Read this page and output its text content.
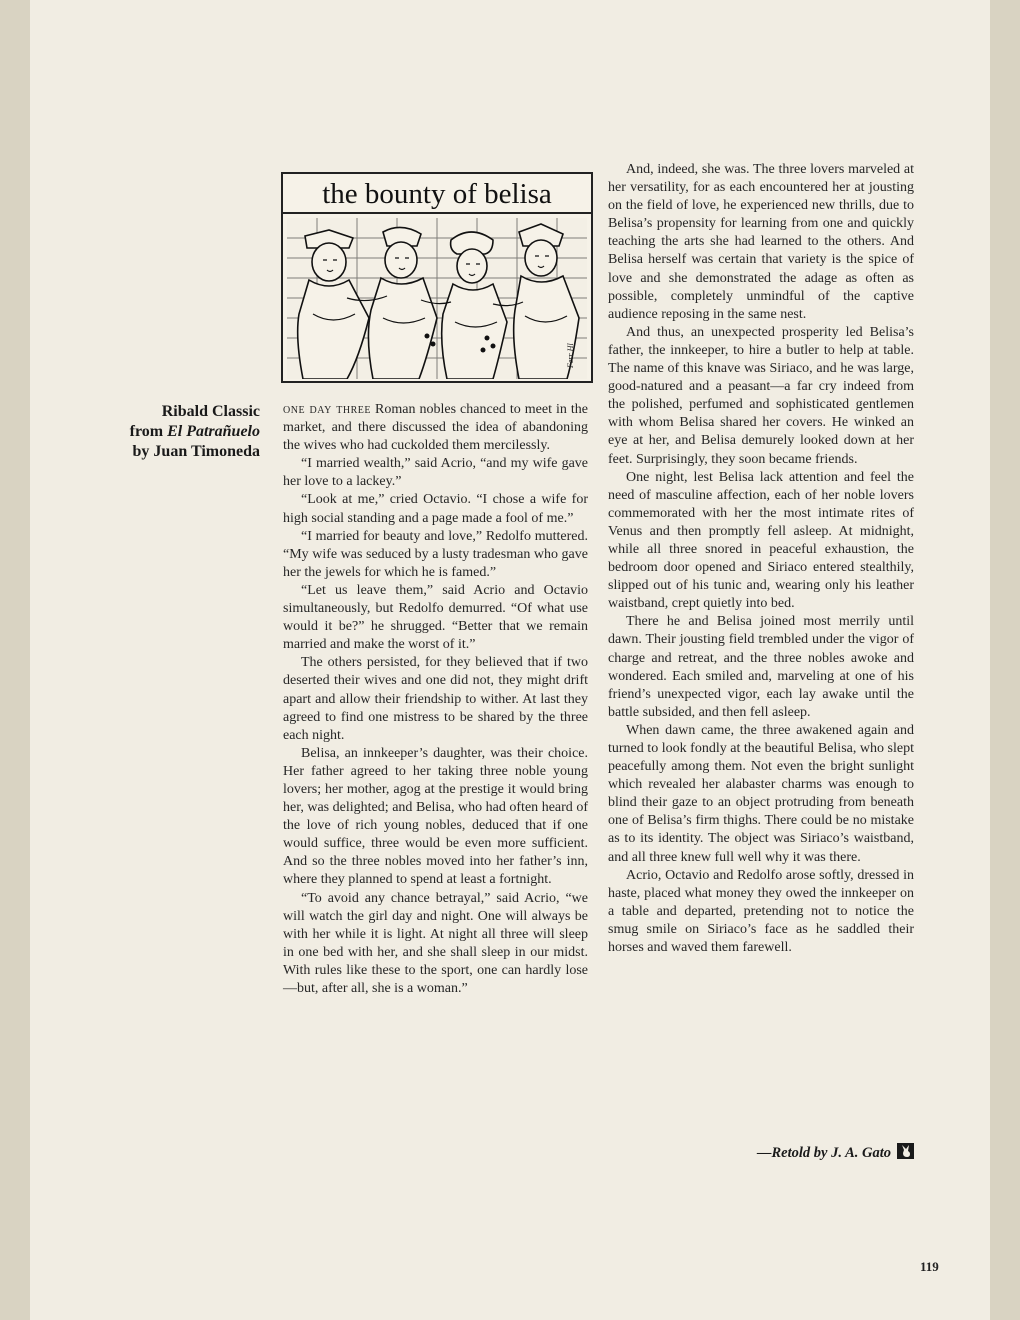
the bounty of belisa
Ferr Hl
Ribald Classic
from El Patrañuelo
by Juan Timoneda

one day three Roman nobles chanced to meet in the market, and there discussed the idea of abandoning the wives who had cuckolded them mercilessly.

“I married wealth,” said Acrio, “and my wife gave her love to a lackey.”

“Look at me,” cried Octavio. “I chose a wife for high social standing and a page made a fool of me.”

“I married for beauty and love,” Redolfo muttered. “My wife was seduced by a lusty tradesman who gave her the jewels for which he is famed.”

“Let us leave them,” said Acrio and Octavio simultaneously, but Redolfo demurred. “Of what use would it be?” he shrugged. “Better that we remain married and make the worst of it.”

The others persisted, for they believed that if two deserted their wives and one did not, they might drift apart and allow their friendship to wither. At last they agreed to find one mistress to be shared by the three each night.

Belisa, an innkeeper’s daughter, was their choice. Her father agreed to her taking three noble young lovers; her mother, agog at the prestige it would bring her, was delighted; and Belisa, who had often heard of the love of rich young nobles, deduced that if one would suffice, three would be even more sufficient. And so the three nobles moved into her father’s inn, where they planned to spend at least a fortnight.

“To avoid any chance betrayal,” said Acrio, “we will watch the girl day and night. One will always be with her while it is light. At night all three will sleep in one bed with her, and she shall sleep in our midst. With rules like these to the sport, one can hardly lose—but, after all, she is a woman.”

And, indeed, she was. The three lovers marveled at her versatility, for as each encountered her at jousting on the field of love, he experienced new thrills, due to Belisa’s propensity for learning from one and quickly teaching the arts she had learned to the others. And Belisa herself was certain that variety is the spice of love and she demonstrated the adage as often as possible, completely unmindful of the captive audience reposing in the same nest.

And thus, an unexpected prosperity led Belisa’s father, the innkeeper, to hire a butler to help at table. The name of this knave was Siriaco, and he was large, good-natured and a peasant—a far cry indeed from the polished, perfumed and sophisticated gentlemen with whom Belisa shared her covers. He winked an eye at her, and Belisa demurely looked down at her feet. Surprisingly, they soon became friends.

One night, lest Belisa lack attention and feel the need of masculine affection, each of her noble lovers commemorated with her the most intimate rites of Venus and then promptly fell asleep. At midnight, while all three snored in peaceful exhaustion, the bedroom door opened and Siriaco entered stealthily, slipped out of his tunic and, wearing only his leather waistband, crept quietly into bed.

There he and Belisa joined most merrily until dawn. Their jousting field trembled under the vigor of charge and retreat, and the three nobles awoke and wondered. Each smiled and, marveling at one of his friend’s unexpected vigor, each lay awake until the battle subsided, and then fell asleep.

When dawn came, the three awakened again and turned to look fondly at the beautiful Belisa, who slept peacefully among them. Not even the bright sunlight which revealed her alabaster charms was enough to blind their gaze to an object protruding from beneath one of Belisa’s firm thighs. There could be no mistake as to its identity. The object was Siriaco’s waistband, and all three knew full well why it was there.

Acrio, Octavio and Redolfo arose softly, dressed in haste, placed what money they owed the innkeeper on a table and departed, pretending not to notice the smug smile on Siriaco’s face as he saddled their horses and waved them farewell.

—Retold by J. A. Gato
119
